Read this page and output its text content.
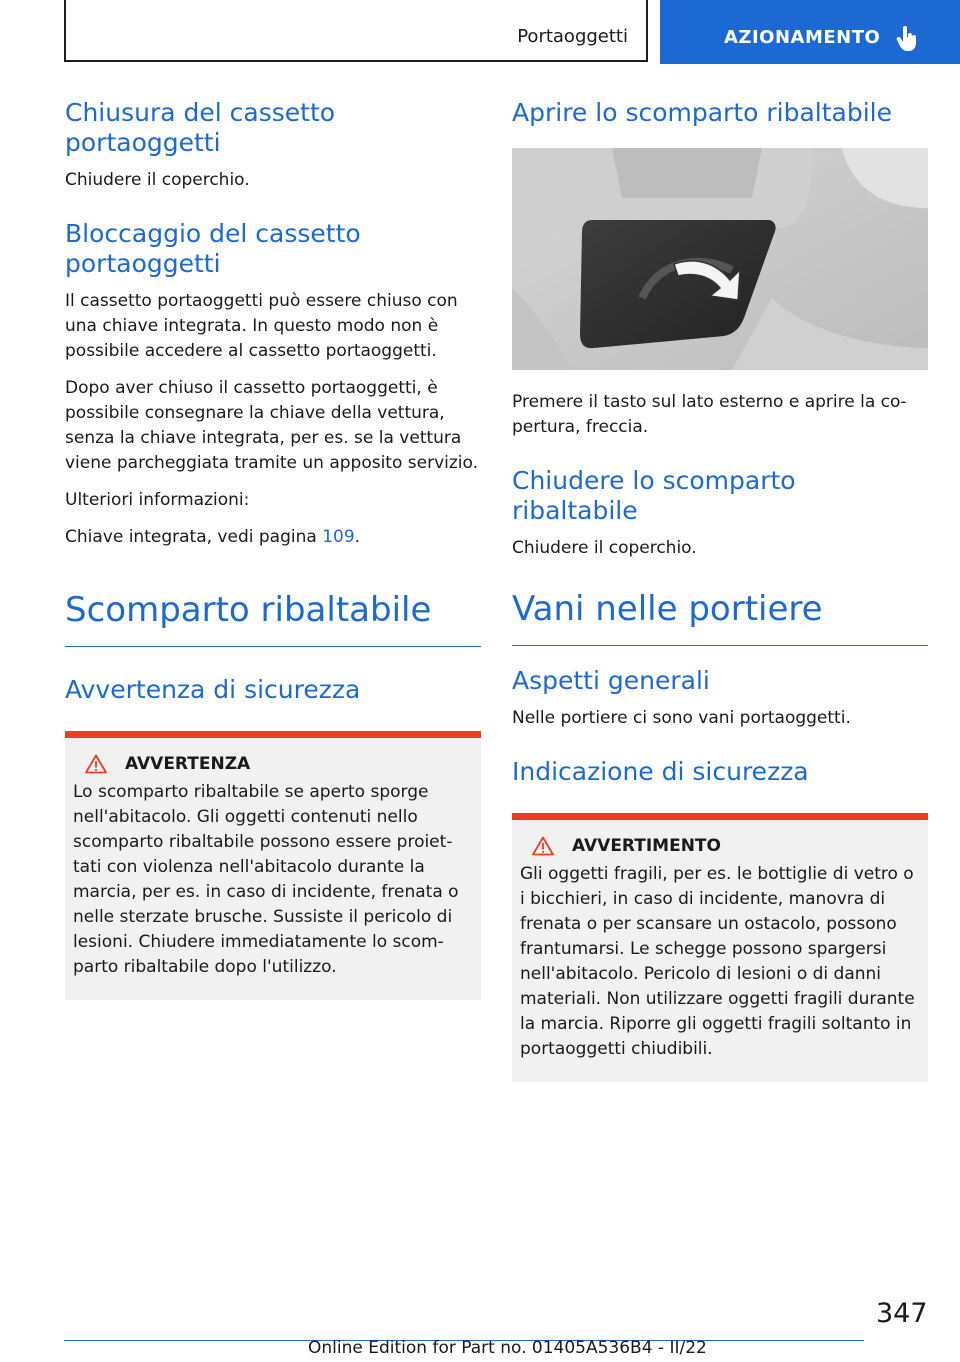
Portaoggetti	AZIONAMENTO
Chiusura del cassetto portaoggetti

Chiudere il coperchio.

Bloccaggio del cassetto portaoggetti

Il cassetto portaoggetti può essere chiuso con una chiave integrata. In questo modo non è possibile accedere al cassetto portaoggetti.

Dopo aver chiuso il cassetto portaoggetti, è possibile consegnare la chiave della vettura, senza la chiave integrata, per es. se la vettura viene parcheggiata tramite un apposito servizio.

Ulteriori informazioni:

Chiave integrata, vedi pagina 109.

Scomparto ribaltabile
Avvertenza di sicurezza
AVVERTENZA

Lo scomparto ribaltabile se aperto sporge nell'abitacolo. Gli oggetti contenuti nello scomparto ribaltabile possono essere proiettati con violenza nell'abitacolo durante la marcia, per es. in caso di incidente, frenata o nelle sterzate brusche. Sussiste il pericolo di lesioni. Chiudere immediatamente lo scomparto ribaltabile dopo l'utilizzo.

Aprire lo scomparto ribaltabile

Premere il tasto sul lato esterno e aprire la copertura, freccia.

Chiudere lo scomparto ribaltabile

Chiudere il coperchio.

Vani nelle portiere
Aspetti generali

Nelle portiere ci sono vani portaoggetti.

Indicazione di sicurezza
AVVERTIMENTO

Gli oggetti fragili, per es. le bottiglie di vetro o i bicchieri, in caso di incidente, manovra di frenata o per scansare un ostacolo, possono frantumarsi. Le schegge possono spargersi nell'abitacolo. Pericolo di lesioni o di danni materiali. Non utilizzare oggetti fragili durante la marcia. Riporre gli oggetti fragili soltanto in portaoggetti chiudibili.

347
Online Edition for Part no. 01405A536B4 - II/22
